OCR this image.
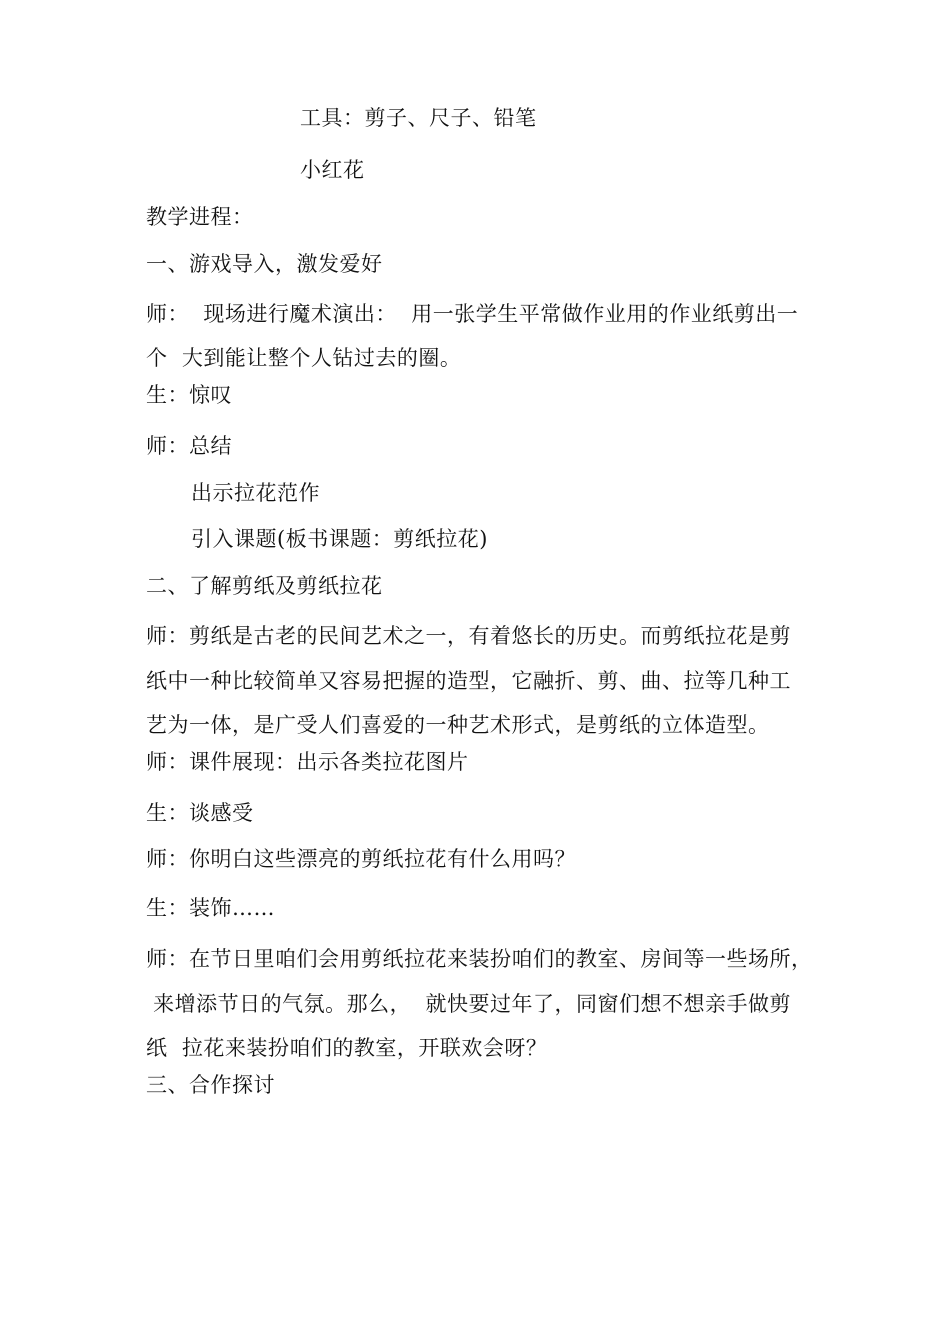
工具：剪子、尺子、铅笔
小红花
教学进程：
一、游戏导入，激发爱好
师：  现场进行魔术演出：  用一张学生平常做作业用的作业纸剪出一
个  大到能让整个人钻过去的圈。
生：惊叹
师：总结
出示拉花范作
引入课题(板书课题：剪纸拉花)
二、了解剪纸及剪纸拉花
师：剪纸是古老的民间艺术之一，有着悠长的历史。而剪纸拉花是剪
纸中一种比较简单又容易把握的造型，它融折、剪、曲、拉等几种工
艺为一体，是广受人们喜爱的一种艺术形式，是剪纸的立体造型。
师：课件展现：出示各类拉花图片
生：谈感受
师：你明白这些漂亮的剪纸拉花有什么用吗？
生：装饰……
师：在节日里咱们会用剪纸拉花来装扮咱们的教室、房间等一些场所，
来增添节日的气氛。那么，  就快要过年了，同窗们想不想亲手做剪
纸  拉花来装扮咱们的教室，开联欢会呀？
三、合作探讨
